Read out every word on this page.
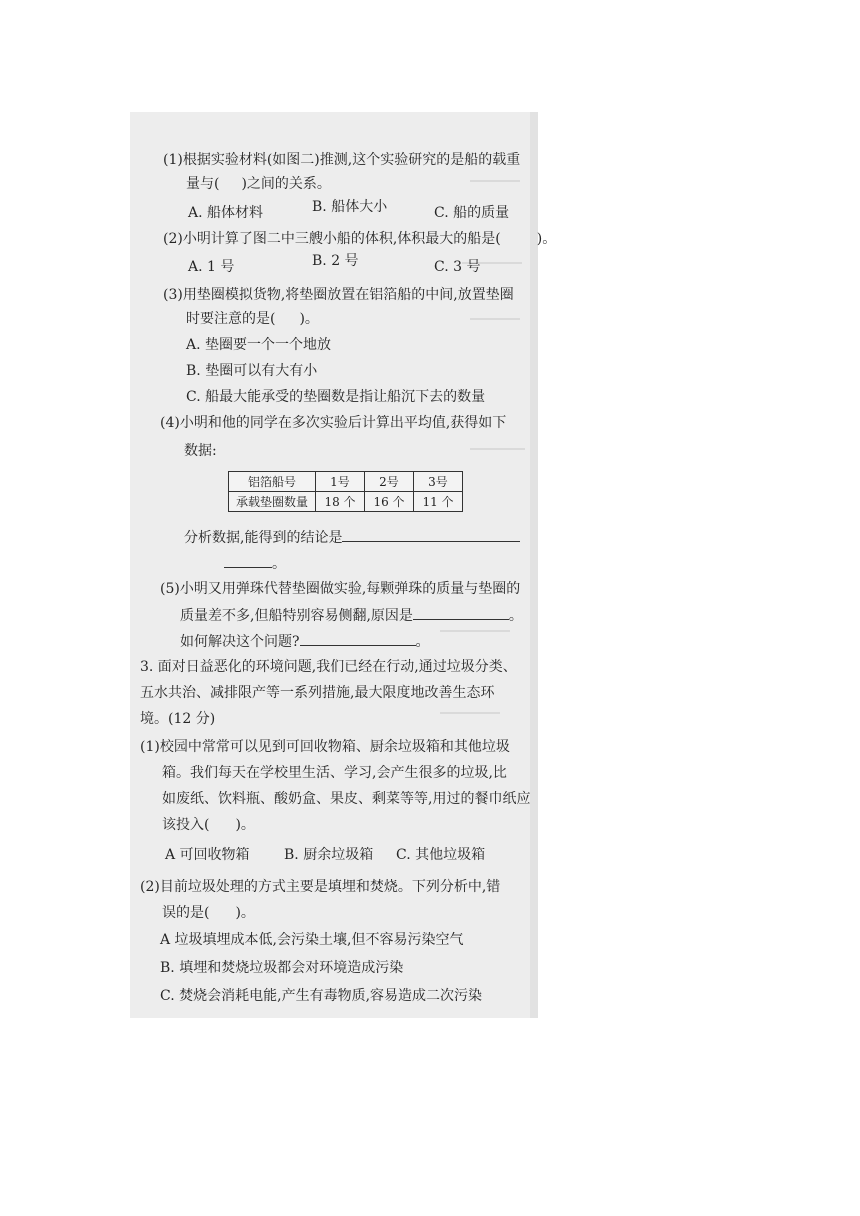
(1)根据实验材料(如图二)推测,这个实验研究的是船的载重
量与( )之间的关系。
A. 船体材料	B. 船体大小	C. 船的质量
(2)小明计算了图二中三艘小船的体积,体积最大的船是(	)。
A. 1 号	B. 2 号	C. 3 号
(3)用垫圈模拟货物,将垫圈放置在铝箔船的中间,放置垫圈
时要注意的是( )。
A. 垫圈要一个一个地放
B. 垫圈可以有大有小
C. 船最大能承受的垫圈数是指让船沉下去的数量
(4)小明和他的同学在多次实验后计算出平均值,获得如下
数据:
铝箔船号	1号	2号	3号
承载垫圈数量	18 个	16 个	11 个
分析数据,能得到的结论是
。
(5)小明又用弹珠代替垫圈做实验,每颗弹珠的质量与垫圈的
质量差不多,但船特别容易侧翻,原因是	。
如何解决这个问题?	。
3. 面对日益恶化的环境问题,我们已经在行动,通过垃圾分类、
五水共治、减排限产等一系列措施,最大限度地改善生态环
境。(12 分)
(1)校园中常常可以见到可回收物箱、厨余垃圾箱和其他垃圾
箱。我们每天在学校里生活、学习,会产生很多的垃圾,比
如废纸、饮料瓶、酸奶盒、果皮、剩菜等等,用过的餐巾纸应
该投入( )。
A 可回收物箱 B. 厨余垃圾箱 C. 其他垃圾箱
(2)目前垃圾处理的方式主要是填埋和焚烧。下列分析中,错
误的是( )。
A 垃圾填埋成本低,会污染土壤,但不容易污染空气
B. 填埋和焚烧垃圾都会对环境造成污染
C. 焚烧会消耗电能,产生有毒物质,容易造成二次污染
